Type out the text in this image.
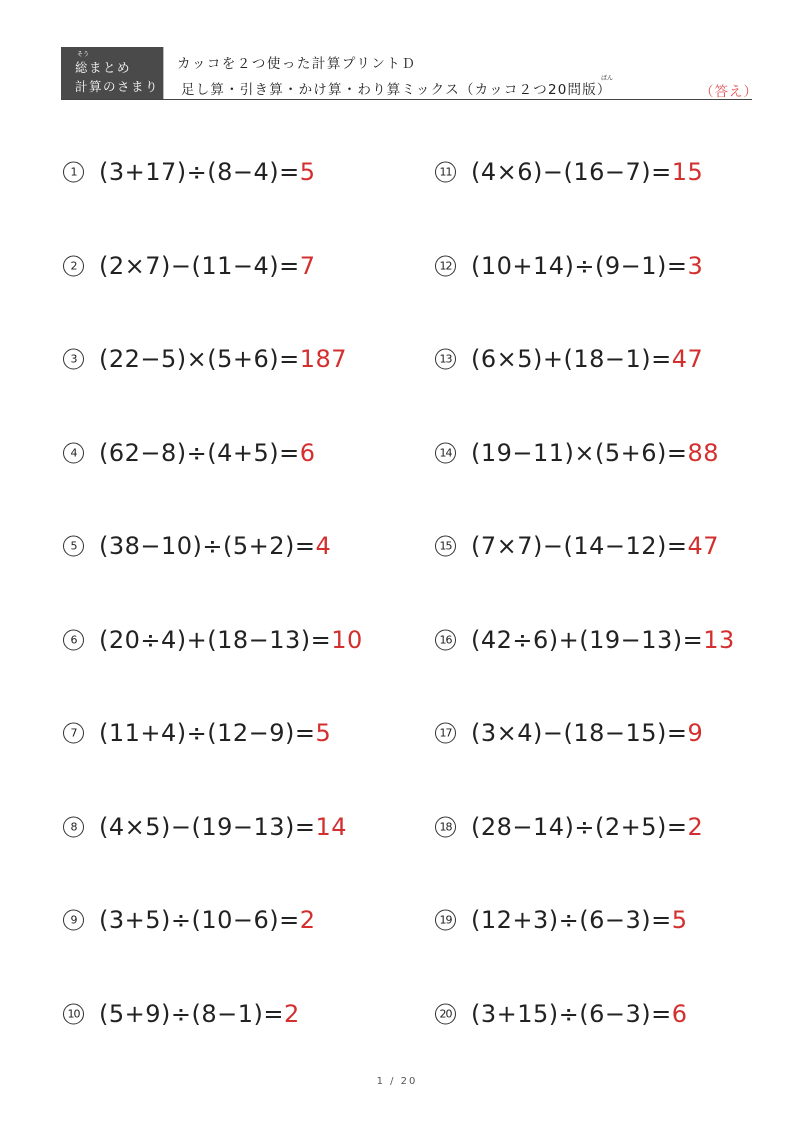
そう
総まとめ
計算のさまり
カッコを２つ使った計算プリントＤ
ばん
足し算・引き算・かけ算・わり算ミックス（カッコ２つ20問版）	（答え）
1 (3+17)÷(8−4)=5
2 (2×7)−(11−4)=7
3 (22−5)×(5+6)=187
4 (62−8)÷(4+5)=6
5 (38−10)÷(5+2)=4
6 (20÷4)+(18−13)=10
7 (11+4)÷(12−9)=5
8 (4×5)−(19−13)=14
9 (3+5)÷(10−6)=2
10 (5+9)÷(8−1)=2
11 (4×6)−(16−7)=15
12 (10+14)÷(9−1)=3
13 (6×5)+(18−1)=47
14 (19−11)×(5+6)=88
15 (7×7)−(14−12)=47
16 (42÷6)+(19−13)=13
17 (3×4)−(18−15)=9
18 (28−14)÷(2+5)=2
19 (12+3)÷(6−3)=5
20 (3+15)÷(6−3)=6
1 / 20
